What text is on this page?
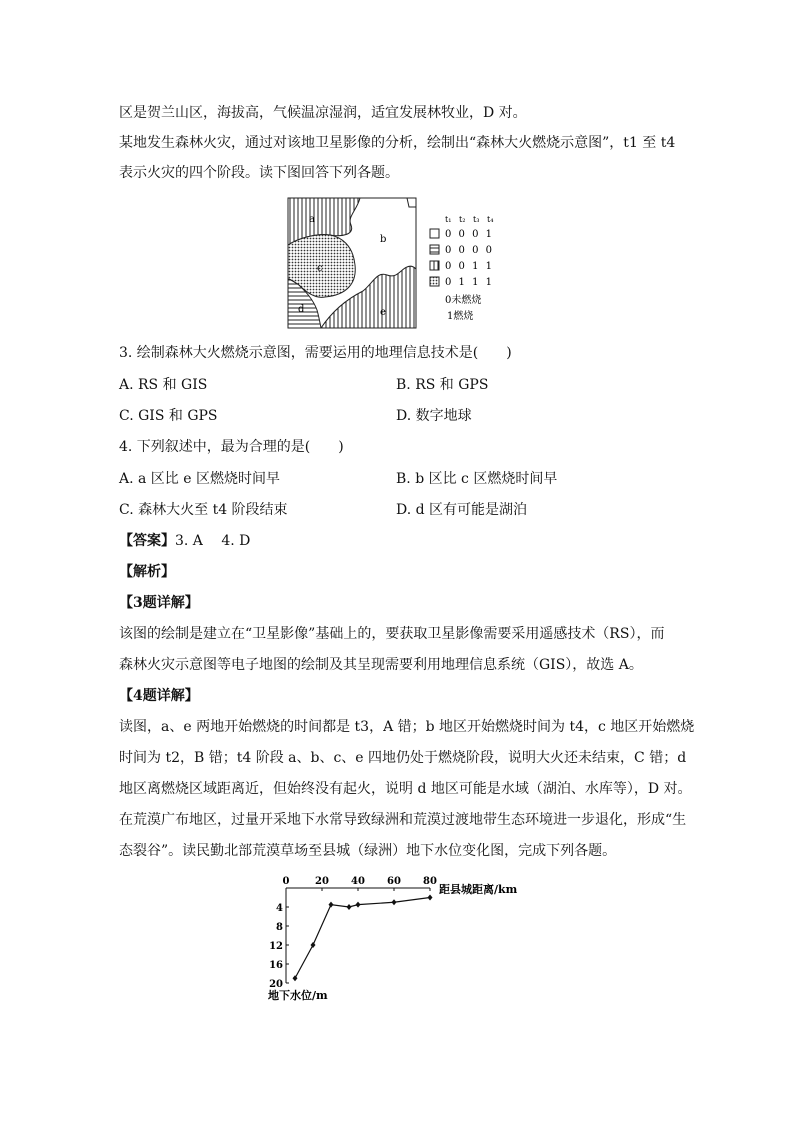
区是贺兰山区，海拔高，气候温凉湿润，适宜发展林牧业，D 对。
某地发生森林火灾，通过对该地卫星影像的分析，绘制出“森林大火燃烧示意图”，t1 至 t4
表示火灾的四个阶段。读下图回答下列各题。
a
b
c
d	e
t₁ t₂ t₃ t₄
0 0 0 1
0 0 0 0
0 0 1 1
0 1 1 1
0未燃烧
1燃烧
3. 绘制森林大火燃烧示意图，需要运用的地理信息技术是(　　)
A. RS 和 GIS	B. RS 和 GPS
C. GIS 和 GPS	D. 数字地球
4. 下列叙述中，最为合理的是(　　)
A. a 区比 e 区燃烧时间早	B. b 区比 c 区燃烧时间早
C. 森林大火至 t4 阶段结束	D. d 区有可能是湖泊
【答案】3. A　 4. D
【解析】
【3题详解】
该图的绘制是建立在“卫星影像”基础上的，要获取卫星影像需要采用遥感技术（RS），而
森林火灾示意图等电子地图的绘制及其呈现需要利用地理信息系统（GIS），故选 A。
【4题详解】
读图，a、e 两地开始燃烧的时间都是 t3，A 错；b 地区开始燃烧时间为 t4，c 地区开始燃烧
时间为 t2，B 错；t4 阶段 a、b、c、e 四地仍处于燃烧阶段，说明大火还未结束，C 错；d
地区离燃烧区域距离近，但始终没有起火，说明 d 地区可能是水域（湖泊、水库等），D 对。
在荒漠广布地区，过量开采地下水常导致绿洲和荒漠过渡地带生态环境进一步退化，形成“生
态裂谷”。读民勤北部荒漠草场至县城（绿洲）地下水位变化图，完成下列各题。
0	20 40 60 80
4
8
12
16
20
距县城距离/km
地下水位/m
